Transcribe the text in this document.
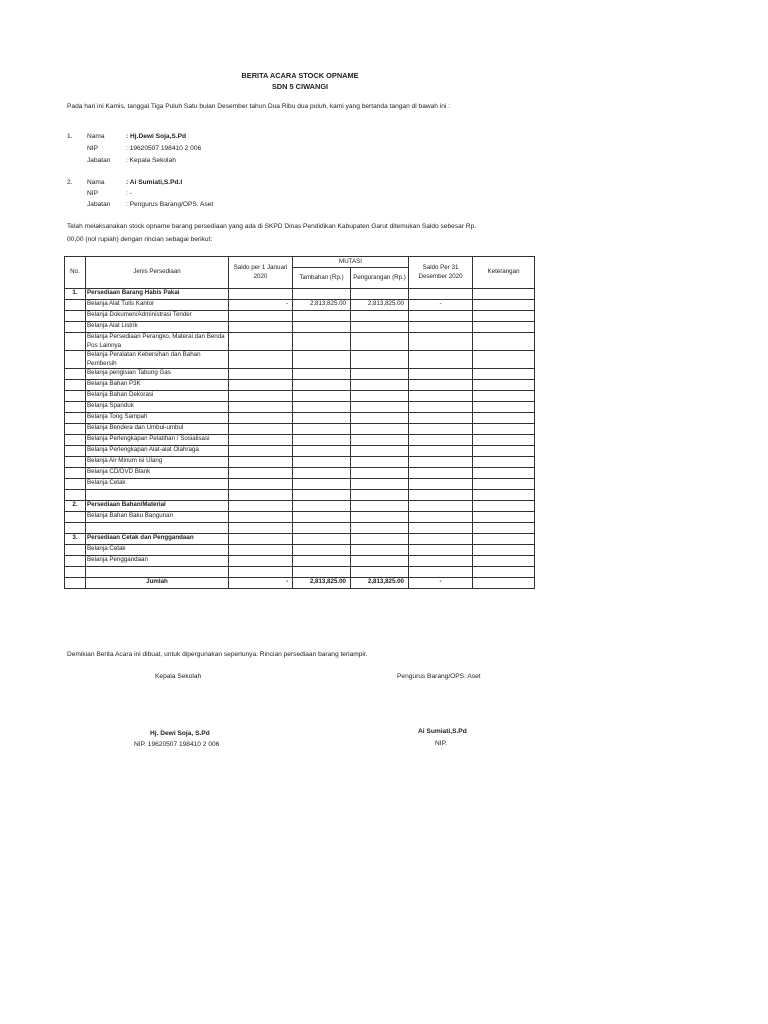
BERITA ACARA STOCK OPNAME
SDN 5 CIWANGI
Pada hari ini Kamis, tanggal Tiga Puluh Satu bulan Desember tahun Dua Ribu dua puluh, kami yang bertanda tangan di bawah ini :
1. Nama	: Hj.Dewi Soja,S.Pd
NIP	: 19620507 198410 2 006
Jabatan : Kepala Sekolah
2. Nama	: Ai Sumiati,S.Pd.I
NIP	: -
Jabatan : Pengurus Barang/OPS. Aset
Telah melaksanakan stock opname barang persediaan yang ada di SKPD Dinas Pendidikan Kabupaten Garut ditemukan Saldo sebesar Rp.
00,00 (nol rupiah) dengan rincian sebagai berikut:
No.	Jenis Persediaan	Saldo per 1 Januari 2020	MUTASI		Saldo Per 31 Desember 2020	Keterangan
			Tambahan (Rp.)	Pengurangan (Rp.)		
1.	Persediaan Barang Habis Pakai					
	Belanja Alat Tulis Kantor	-	2,813,825.00	2,813,825.00	-	
	Belanja Dokumen/Administrasi Tender					
	Belanja Alat Listrik					
	Belanja Persediaan Perangko, Materai dan Benda Pos Lainnya					
	Belanja Peralatan Kebersihan dan Bahan Pembersih					
	Belanja pengisian Tabung Gas					
	Belanja Bahan P3K					
	Belanja Bahan Dekorasi					
	Belanja Spanduk					
	Belanja Tong Sampah					
	Belanja Bendera dan Umbul-umbul					
	Belanja Perlengkapan Pelatihan / Sosialisasi					
	Belanja Perlengkapan Alat-alat Olahraga					
	Belanja Air Minum isi Ulang					
	Belanja CD/DVD Blank					
	Belanja Cetak					

2.	Persediaan Bahan/Material					
	Belanja Bahan Baku Bangunan					

3.	Persediaan Cetak dan Penggandaan					
	Belanja Cetak					
	Belanja Penggandaan					

	Jumlah	-	2,813,825.00	2,813,825.00	-	
Demikian Berita Acara ini dibuat, untuk dipergunakan seperlunya. Rincian persediaan barang terlampir.
Kepala Sekolah	Pengurus Barang/OPS. Aset
Hj. Dewi Soja, S.Pd
NIP. 19620507 198410 2 006
Ai Sumiati,S.Pd
NIP.
